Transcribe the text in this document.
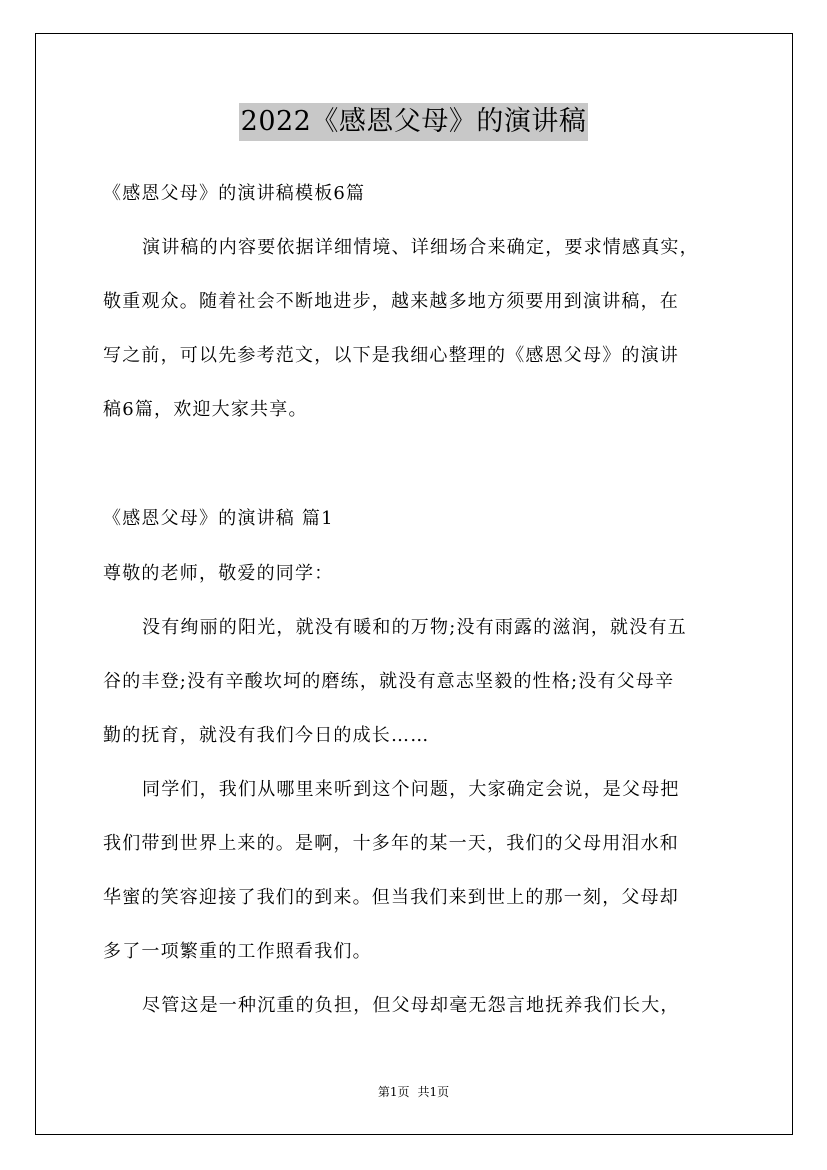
2022《感恩父母》的演讲稿
《感恩父母》的演讲稿模板6篇
演讲稿的内容要依据详细情境、详细场合来确定，要求情感真实，
敬重观众。随着社会不断地进步，越来越多地方须要用到演讲稿，在
写之前，可以先参考范文，以下是我细心整理的《感恩父母》的演讲
稿6篇，欢迎大家共享。
《感恩父母》的演讲稿 篇1
尊敬的老师，敬爱的同学：
没有绚丽的阳光，就没有暖和的万物;没有雨露的滋润，就没有五
谷的丰登;没有辛酸坎坷的磨练，就没有意志坚毅的性格;没有父母辛
勤的抚育，就没有我们今日的成长……
同学们，我们从哪里来听到这个问题，大家确定会说，是父母把
我们带到世界上来的。是啊，十多年的某一天，我们的父母用泪水和
华蜜的笑容迎接了我们的到来。但当我们来到世上的那一刻，父母却
多了一项繁重的工作照看我们。
尽管这是一种沉重的负担，但父母却毫无怨言地抚养我们长大，
第1页 共1页
